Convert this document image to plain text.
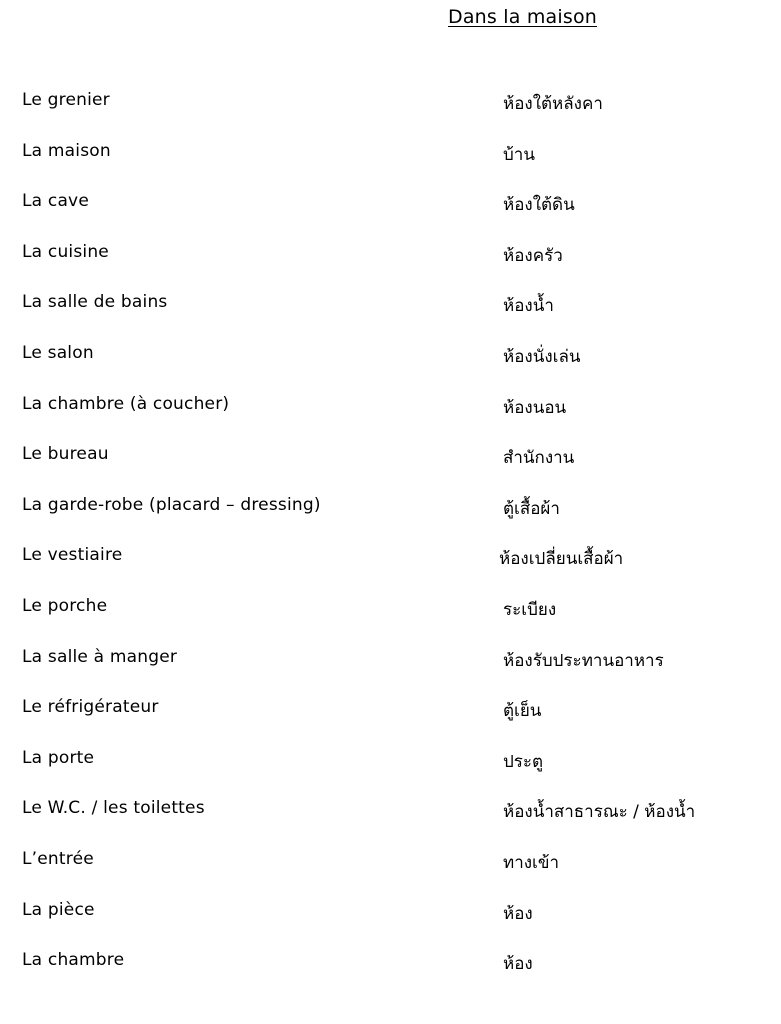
Dans la maison
Le grenier	ห้องใต้หลังคา
La maison	บ้าน
La cave	ห้องใต้ดิน
La cuisine	ห้องครัว
La salle de bains	ห้องน้ำ
Le salon	ห้องนั่งเล่น
La chambre (à coucher)	ห้องนอน
Le bureau	สำนักงาน
La garde-robe (placard – dressing)	ตู้เสื้อผ้า
Le vestiaire	ห้องเปลี่ยนเสื้อผ้า
Le porche	ระเบียง
La salle à manger	ห้องรับประทานอาหาร
Le réfrigérateur	ตู้เย็น
La porte	ประตู
Le W.C. / les toilettes	ห้องน้ำสาธารณะ / ห้องน้ำ
L’entrée	ทางเข้า
La pièce	ห้อง
La chambre	ห้อง
